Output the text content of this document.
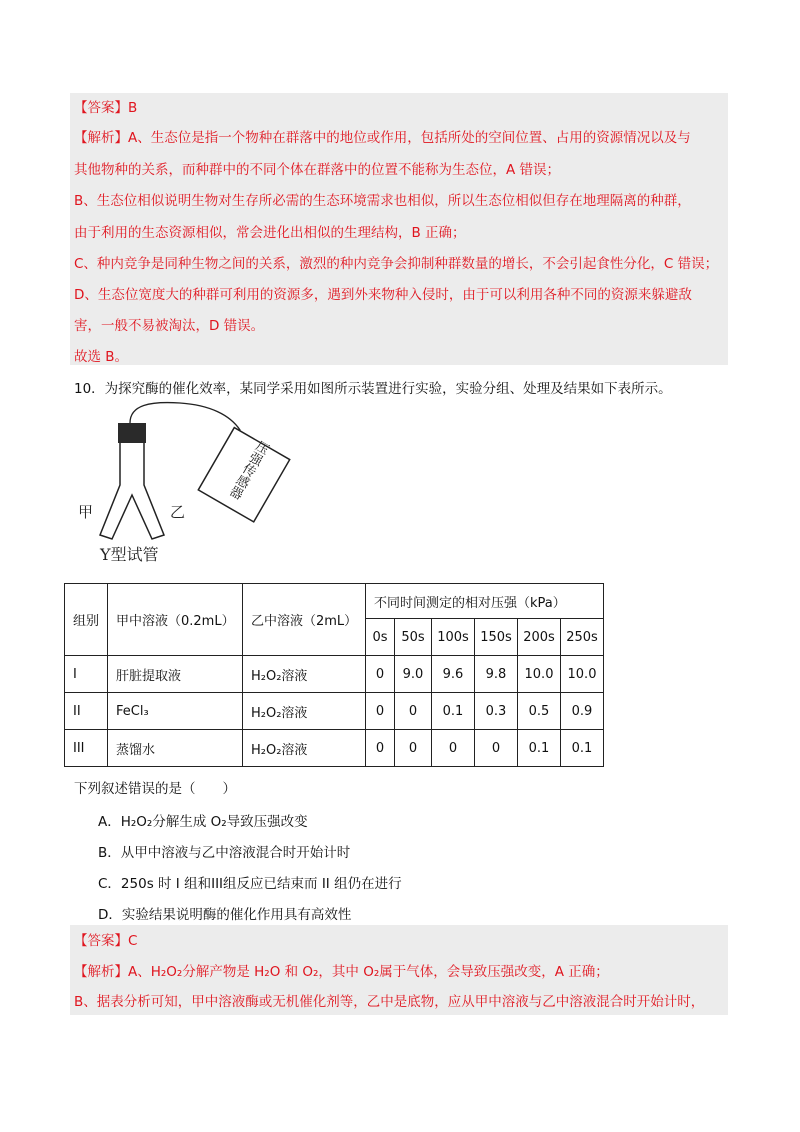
【答案】B
【解析】A、生态位是指一个物种在群落中的地位或作用，包括所处的空间位置、占用的资源情况以及与
其他物种的关系，而种群中的不同个体在群落中的位置不能称为生态位，A 错误；
B、生态位相似说明生物对生存所必需的生态环境需求也相似，所以生态位相似但存在地理隔离的种群，
由于利用的生态资源相似，常会进化出相似的生理结构，B 正确；
C、种内竞争是同种生物之间的关系，激烈的种内竞争会抑制种群数量的增长，不会引起食性分化，C 错误；
D、生态位宽度大的种群可利用的资源多，遇到外来物种入侵时，由于可以利用各种不同的资源来躲避敌
害，一般不易被淘汰，D 错误。
故选 B。
10．为探究酶的催化效率，某同学采用如图所示装置进行实验，实验分组、处理及结果如下表所示。
压强传感器
甲	乙
Y型试管
组别	甲中溶液（0.2mL）	乙中溶液（2mL）	不同时间测定的相对压强（kPa）					
			0s	50s	100s	150s	200s	250s
I	肝脏提取液	H₂O₂溶液	0	9.0	9.6	9.8	10.0	10.0
II	FeCl₃	H₂O₂溶液	0	0	0.1	0.3	0.5	0.9
III	蒸馏水	H₂O₂溶液	0	0	0	0	0.1	0.1
下列叙述错误的是（　　）
A．H₂O₂分解生成 O₂导致压强改变
B．从甲中溶液与乙中溶液混合时开始计时
C．250s 时 I 组和III组反应已结束而 II 组仍在进行
D．实验结果说明酶的催化作用具有高效性
【答案】C
【解析】A、H₂O₂分解产物是 H₂O 和 O₂，其中 O₂属于气体，会导致压强改变，A 正确；
B、据表分析可知，甲中溶液酶或无机催化剂等，乙中是底物，应从甲中溶液与乙中溶液混合时开始计时，
